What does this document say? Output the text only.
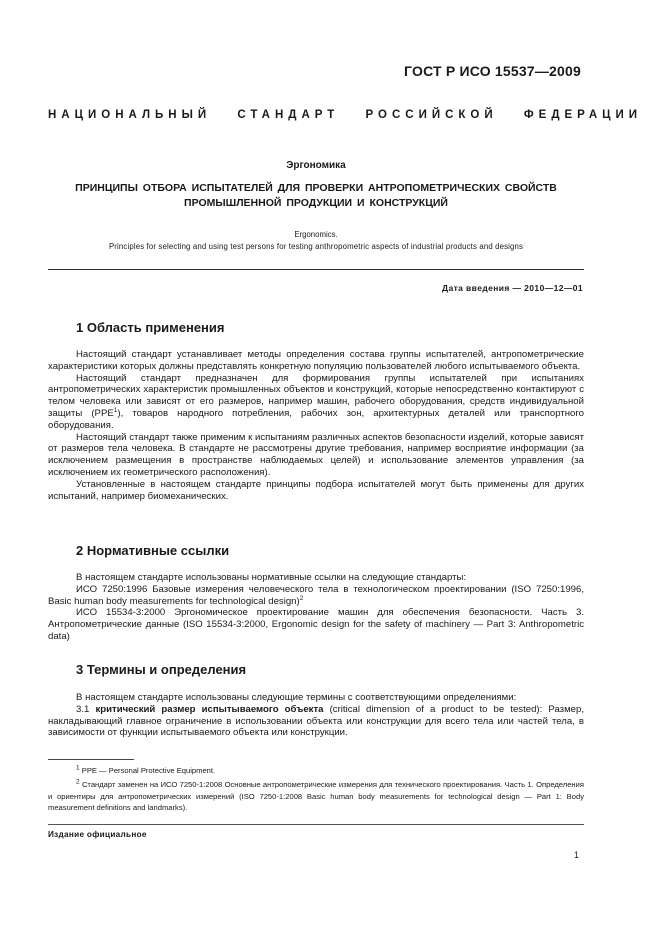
ГОСТ Р ИСО 15537—2009
НАЦИОНАЛЬНЫЙ СТАНДАРТ РОССИЙСКОЙ ФЕДЕРАЦИИ
Эргономика
ПРИНЦИПЫ ОТБОРА ИСПЫТАТЕЛЕЙ ДЛЯ ПРОВЕРКИ АНТРОПОМЕТРИЧЕСКИХ СВОЙСТВ ПРОМЫШЛЕННОЙ ПРОДУКЦИИ И КОНСТРУКЦИЙ
Ergonomics.
Principles for selecting and using test persons for testing anthropometric aspects of industrial products and designs
Дата введения — 2010—12—01
1 Область применения

Настоящий стандарт устанавливает методы определения состава группы испытателей, антропометрические характеристики которых должны представлять конкретную популяцию пользователей любого испытываемого объекта.

Настоящий стандарт предназначен для формирования группы испытателей при испытаниях антропометрических характеристик промышленных объектов и конструкций, которые непосредственно контактируют с телом человека или зависят от его размеров, например машин, рабочего оборудования, средств индивидуальной защиты (PPE$^1$), товаров народного потребления, рабочих зон, архитектурных деталей или транспортного оборудования.

Настоящий стандарт также применим к испытаниям различных аспектов безопасности изделий, которые зависят от размеров тела человека. В стандарте не рассмотрены другие требования, например восприятие информации (за исключением размещения в пространстве наблюдаемых целей) и использование элементов управления (за исключением их геометрического расположения).

Установленные в настоящем стандарте принципы подбора испытателей могут быть применены для других испытаний, например биомеханических.

2 Нормативные ссылки

В настоящем стандарте использованы нормативные ссылки на следующие стандарты:

ИСО 7250:1996 Базовые измерения человеческого тела в технологическом проектировании (ISO 7250:1996, Basic human body measurements for technological design)$^2$

ИСО 15534-3:2000 Эргономическое проектирование машин для обеспечения безопасности. Часть 3. Антропометрические данные (ISO 15534-3:2000, Ergonomic design for the safety of machinery — Part 3: Anthropometric data)

3 Термины и определения

В настоящем стандарте использованы следующие термины с соответствующими определениями:

3.1 критический размер испытываемого объекта (critical dimension of a product to be tested): Размер, накладывающий главное ограничение в использовании объекта или конструкции для всего тела или частей тела, в зависимости от функции испытываемого объекта или конструкции.

$^1$ PPE — Personal Protective Equipment.

$^2$ Стандарт заменен на ИСО 7250-1:2008 Основные антропометрические измерения для технического проектирования. Часть 1. Определения и ориентиры для антропометрических измерений (ISO 7250-1:2008 Basic human body measurements for technological design — Part 1: Body measurement definitions and landmarks).

Издание официальное
1
